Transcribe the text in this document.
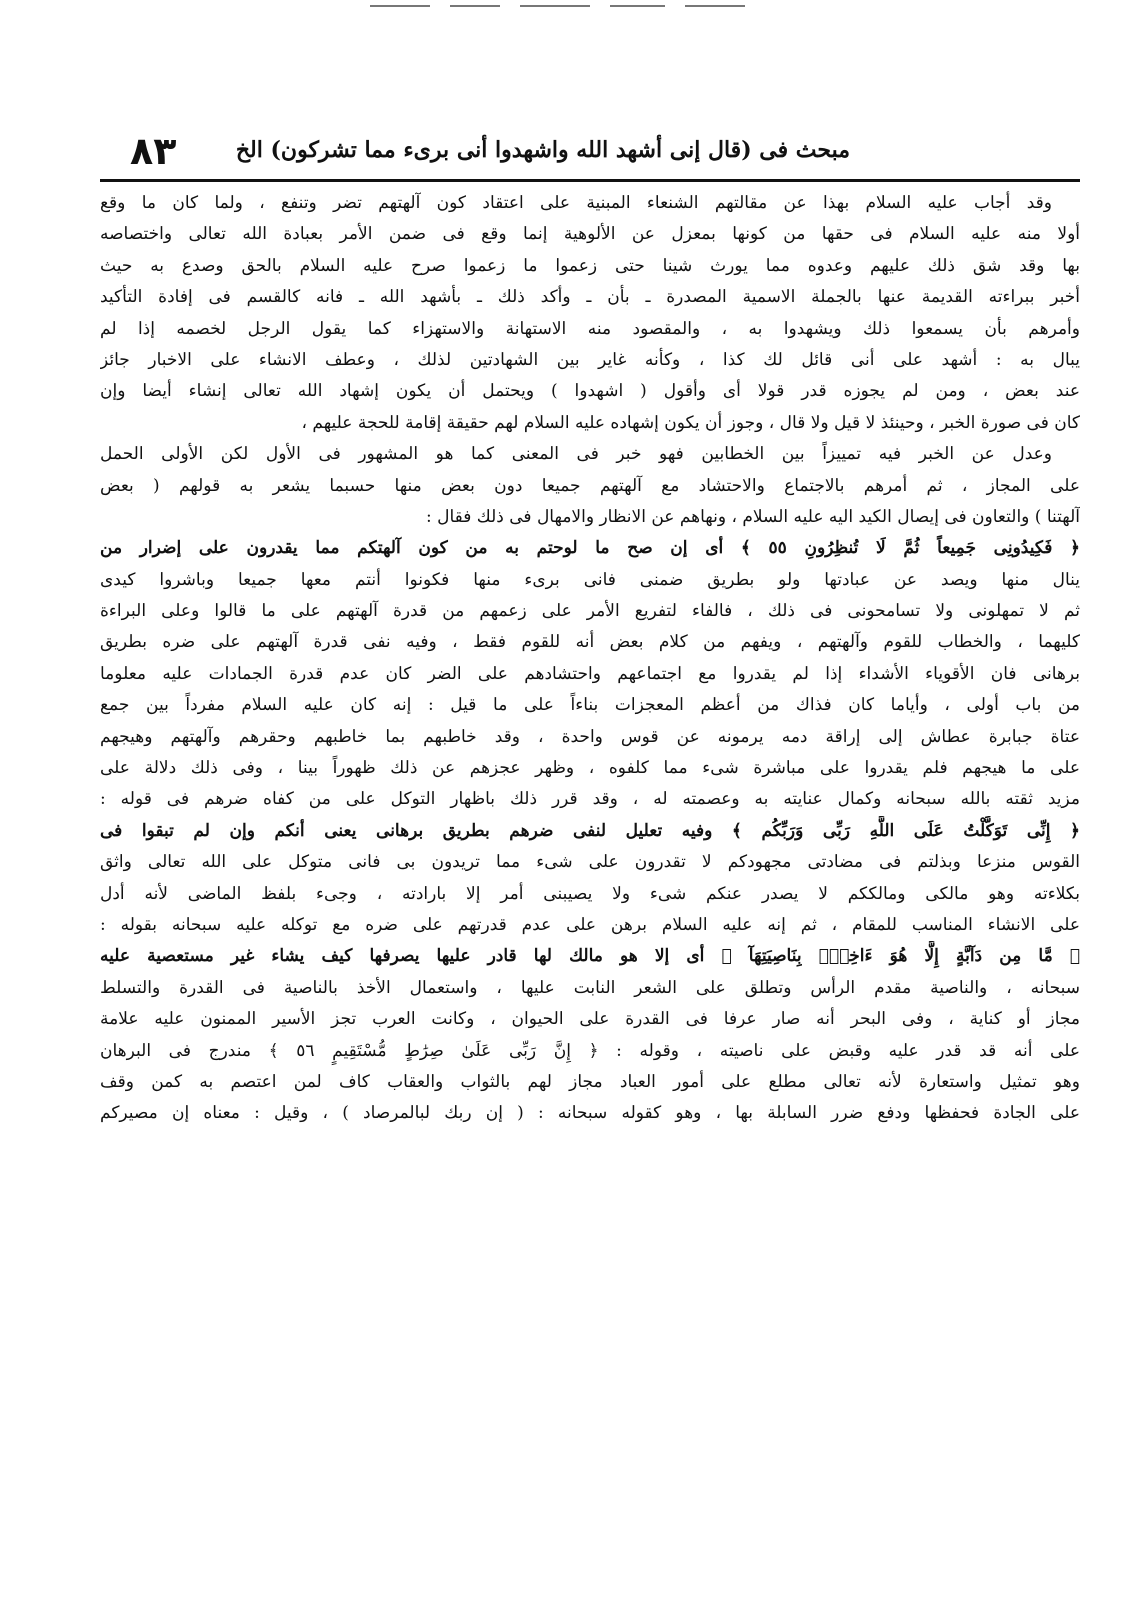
مبحث فى (قال إنى أشهد الله واشهدوا أنى برىء مما تشركون) الخ
٨٣
وقد أجاب عليه السلام بهذا عن مقالتهم الشنعاء المبنية على اعتقاد كون آلهتهم تضر وتنفع ، ولما كان ما وقع
أولا منه عليه السلام فى حقها من كونها بمعزل عن الألوهية إنما وقع فى ضمن الأمر بعبادة الله تعالى واختصاصه
بها وقد شق ذلك عليهم وعدوه مما يورث شينا حتى زعموا ما زعموا صرح عليه السلام بالحق وصدع به حيث
أخبر ببراءته القديمة عنها بالجملة الاسمية المصدرة ـ بأن ـ وأكد ذلك ـ بأشهد الله ـ فانه كالقسم فى إفادة التأكيد
وأمرهم بأن يسمعوا ذلك ويشهدوا به ، والمقصود منه الاستهانة والاستهزاء كما يقول الرجل لخصمه إذا لم
يبال به : أشهد على أنى قائل لك كذا ، وكأنه غاير بين الشهادتين لذلك ، وعطف الانشاء على الاخبار جائز
عند بعض ، ومن لم يجوزه قدر قولا أى وأقول ( اشهدوا ) ويحتمل أن يكون إشهاد الله تعالى إنشاء أيضا وإن
كان فى صورة الخبر ، وحينئذ لا قيل ولا قال ، وجوز أن يكون إشهاده عليه السلام لهم حقيقة إقامة للحجة عليهم ،
وعدل عن الخبر فيه تمييزاً بين الخطابين فهو خبر فى المعنى كما هو المشهور فى الأول لكن الأولى الحمل
على المجاز ، ثم أمرهم بالاجتماع والاحتشاد مع آلهتهم جميعا دون بعض منها حسبما يشعر به قولهم ( بعض
آلهتنا ) والتعاون فى إيصال الكيد اليه عليه السلام ، ونهاهم عن الانظار والامهال فى ذلك فقال :
﴿ فَكِيدُونِى جَمِيعاً ثُمَّ لَا تُنظِرُونِ ٥٥ ﴾ أى إن صح ما لوحتم به من كون آلهتكم مما يقدرون على إضرار من
ينال منها ويصد عن عبادتها ولو بطريق ضمنى فانى برىء منها فكونوا أنتم معها جميعا وباشروا كيدى
ثم لا تمهلونى ولا تسامحونى فى ذلك ، فالفاء لتفريع الأمر على زعمهم من قدرة آلهتهم على ما قالوا وعلى البراءة
كليهما ، والخطاب للقوم وآلهتهم ، ويفهم من كلام بعض أنه للقوم فقط ، وفيه نفى قدرة آلهتهم على ضره بطريق
برهانى فان الأقوياء الأشداء إذا لم يقدروا مع اجتماعهم واحتشادهم على الضر كان عدم قدرة الجمادات عليه معلوما
من باب أولى ، وأياما كان فذاك من أعظم المعجزات بناءاً على ما قيل : إنه كان عليه السلام مفرداً بين جمع
عتاة جبابرة عطاش إلى إراقة دمه يرمونه عن قوس واحدة ، وقد خاطبهم بما خاطبهم وحقرهم وآلهتهم وهيجهم
على ما هيجهم فلم يقدروا على مباشرة شىء مما كلفوه ، وظهر عجزهم عن ذلك ظهوراً بينا ، وفى ذلك دلالة على
مزيد ثقته بالله سبحانه وكمال عنايته به وعصمته له ، وقد قرر ذلك باظهار التوكل على من كفاه ضرهم فى قوله :
﴿ إِنِّى تَوَكَّلْتُ عَلَى اللَّهِ رَبِّى وَرَبِّكُم ﴾ وفيه تعليل لنفى ضرهم بطريق برهانى يعنى أنكم وإن لم تبقوا فى
القوس منزعا وبذلتم فى مضادتى مجهودكم لا تقدرون على شىء مما تريدون بى فانى متوكل على الله تعالى واثق
بكلاءته وهو مالكى ومالككم لا يصدر عنكم شىء ولا يصيبنى أمر إلا بارادته ، وجىء بلفظ الماضى لأنه أدل
على الانشاء المناسب للمقام ، ثم إنه عليه السلام برهن على عدم قدرتهم على ضره مع توكله عليه سبحانه بقوله :
﴿ مَّا مِن دَآبَّةٍ إِلَّا هُوَ ءَاخِذٌۢ بِنَاصِيَتِهَآ ﴾ أى إلا هو مالك لها قادر عليها يصرفها كيف يشاء غير مستعصية عليه
سبحانه ، والناصية مقدم الرأس وتطلق على الشعر النابت عليها ، واستعمال الأخذ بالناصية فى القدرة والتسلط
مجاز أو كناية ، وفى البحر أنه صار عرفا فى القدرة على الحيوان ، وكانت العرب تجز الأسير الممنون عليه علامة
على أنه قد قدر عليه وقبض على ناصيته ، وقوله : ﴿ إِنَّ رَبِّى عَلَىٰ صِرَٰطٍ مُّسْتَقِيمٍ ٥٦ ﴾ مندرج فى البرهان
وهو تمثيل واستعارة لأنه تعالى مطلع على أمور العباد مجاز لهم بالثواب والعقاب كاف لمن اعتصم به كمن وقف
على الجادة فحفظها ودفع ضرر السابلة بها ، وهو كقوله سبحانه : ( إن ربك لبالمرصاد ) ، وقيل : معناه إن مصيركم
